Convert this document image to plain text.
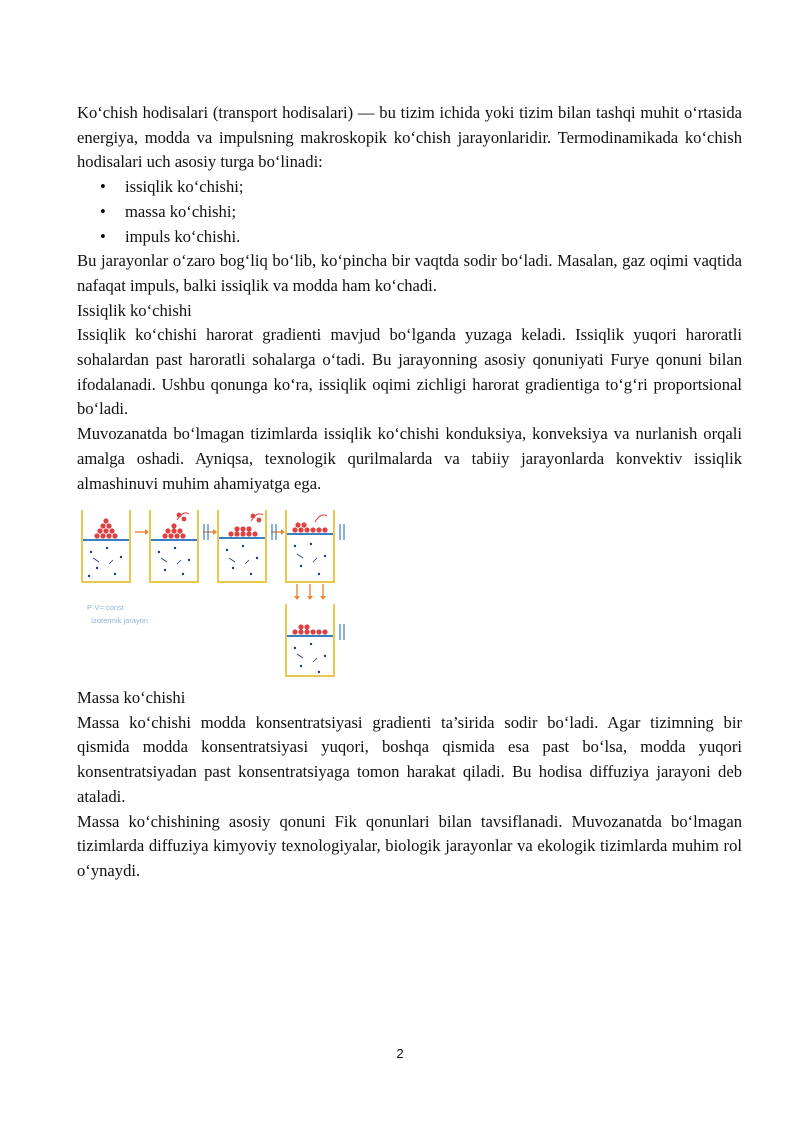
Ko‘chish hodisalari (transport hodisalari) — bu tizim ichida yoki tizim bilan tashqi muhit o‘rtasida energiya, modda va impulsning makroskopik ko‘chish jarayonlaridir. Termodinamikada ko‘chish hodisalari uch asosiy turga bo‘linadi:

• issiqlik ko‘chishi;
• massa ko‘chishi;
• impuls ko‘chishi.

Bu jarayonlar o‘zaro bog‘liq bo‘lib, ko‘pincha bir vaqtda sodir bo‘ladi. Masalan, gaz oqimi vaqtida nafaqat impuls, balki issiqlik va modda ham ko‘chadi.

Issiqlik ko‘chishi

Issiqlik ko‘chishi harorat gradienti mavjud bo‘lganda yuzaga keladi. Issiqlik yuqori haroratli sohalardan past haroratli sohalarga o‘tadi. Bu jarayonning asosiy qonuniyati Furye qonuni bilan ifodalanadi. Ushbu qonunga ko‘ra, issiqlik oqimi zichligi harorat gradientiga to‘g‘ri proportsional bo‘ladi.

Muvozanatda bo‘lmagan tizimlarda issiqlik ko‘chishi konduksiya, konveksiya va nurlanish orqali amalga oshadi. Ayniqsa, texnologik qurilmalarda va tabiiy jarayonlarda konvektiv issiqlik almashinuvi muhim ahamiyatga ega.

P·V= const
Izotermik jarayon

Massa ko‘chishi

Massa ko‘chishi modda konsentratsiyasi gradienti ta’sirida sodir bo‘ladi. Agar tizimning bir qismida modda konsentratsiyasi yuqori, boshqa qismida esa past bo‘lsa, modda yuqori konsentratsiyadan past konsentratsiyaga tomon harakat qiladi. Bu hodisa diffuziya jarayoni deb ataladi.

Massa ko‘chishining asosiy qonuni Fik qonunlari bilan tavsiflanadi. Muvozanatda bo‘lmagan tizimlarda diffuziya kimyoviy texnologiyalar, biologik jarayonlar va ekologik tizimlarda muhim rol o‘ynaydi.

2
